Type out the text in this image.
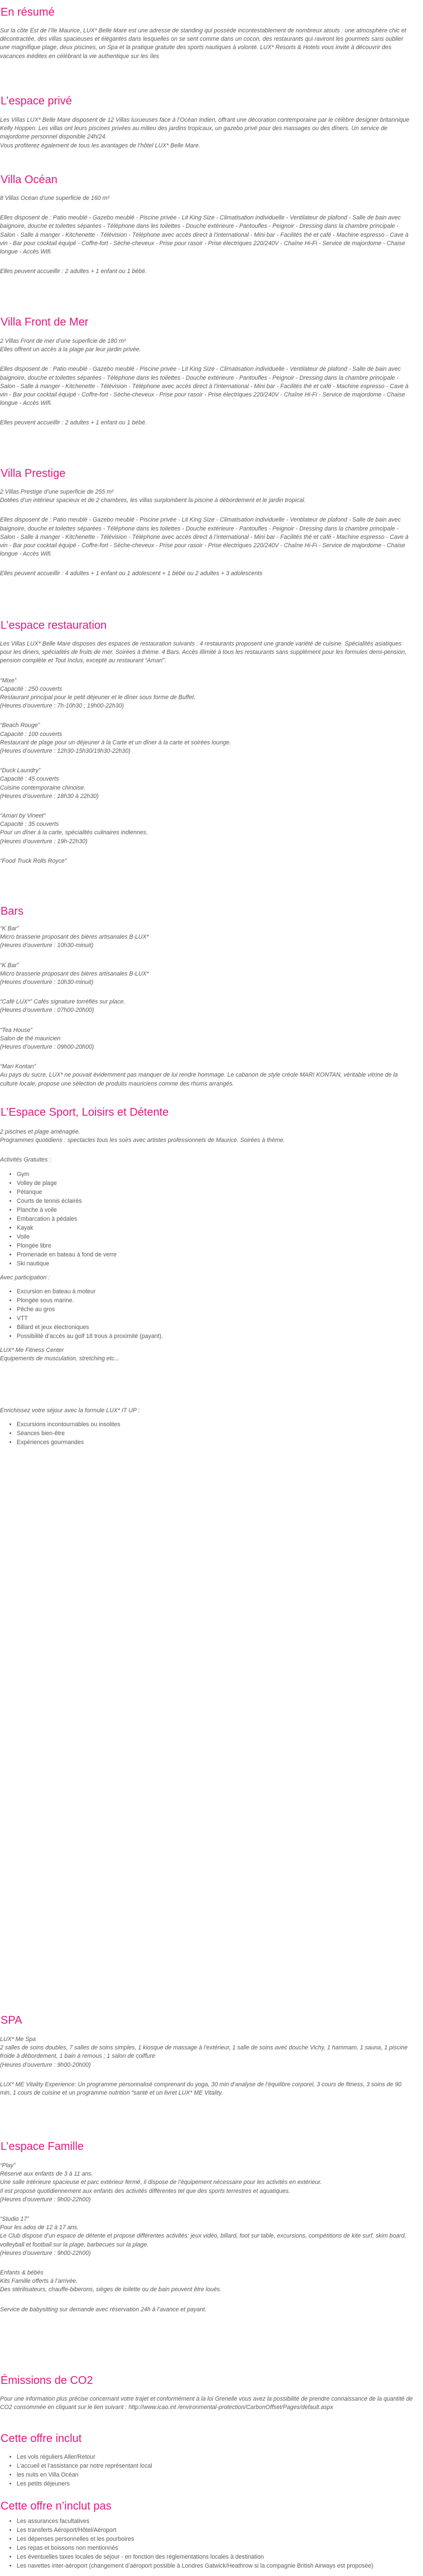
En résumé

Sur la côte Est de l’île Maurice, LUX* Belle Mare est une adresse de standing qui possède incontestablement de nombreux atouts : une atmosphère chic et décontractée, des villas spacieuses et élégantes dans lesquelles on se sent comme dans un cocon, des restaurants qui raviront les gourmets sans oublier une magnifique plage, deux piscines, un Spa et la pratique gratuite des sports nautiques à volonté. LUX* Resorts & Hotels vous invite à découvrir des vacances inédites en célébrant la vie authentique sur les îles

L’espace privé

Les Villas LUX* Belle Mare disposent de 12 Villas luxueuses face à l’Océan Indien, offrant une décoration contemporaine par le célèbre designer britannique Kelly Hoppen. Les villas ont leurs piscines privées au milieu des jardins tropicaux, un gazebo privé pour des massages ou des dîners. Un service de majordome personnel disponible 24h/24.
Vous profiterez également de tous les avantages de l’hôtel LUX* Belle Mare.

Villa Océan

8 Villas Océan d’une superficie de 160 m²

Elles disposent de : Patio meublé - Gazebo meublé - Piscine privée - Lit King Size - Climatisation individuelle - Ventilateur de plafond - Salle de bain avec baignoire, douche et toilettes séparées - Téléphone dans les toilettes - Douche extérieure - Pantoufles - Peignoir - Dressing dans la chambre principale - Salon - Salle à manger - Kitchenette - Télévision - Téléphone avec accès direct à l’international - Mini bar - Facilités thé et café - Machine espresso - Cave à vin - Bar pour cocktail équipé - Coffre-fort - Sèche-cheveux - Prise pour rasoir - Prise électriques 220/240V - Chaîne Hi-Fi - Service de majordome - Chaise longue - Accès Wifi.

Elles peuvent accueillir : 2 adultes + 1 enfant ou 1 bébé.

Villa Front de Mer

2 Villas Front de mer d’une superficie de 180 m²
Elles offrent un accès à la plage par leur jardin privée.

Elles disposent de : Patio meublé - Gazebo meublé - Piscine privée - Lit King Size - Climatisation individuelle - Ventilateur de plafond - Salle de bain avec baignoire, douche et toilettes séparées - Téléphone dans les toilettes - Douche extérieure - Pantoufles - Peignoir - Dressing dans la chambre principale - Salon - Salle à manger - Kitchenette - Télévision - Téléphone avec accès direct à l’international - Mini bar - Facilités thé et café - Machine espresso - Cave à vin - Bar pour cocktail équipé - Coffre-fort - Sèche-cheveux - Prise pour rasoir - Prise électriques 220/240V - Chaîne Hi-Fi - Service de majordome - Chaise longue - Accès Wifi.

Elles peuvent accueillir : 2 adultes + 1 enfant ou 1 bébé.

Villa Prestige

2 Villas Prestige d’une superficie de 255 m²
Dotées d’un intérieur spacieux et de 2 chambres, les villas surplombent la piscine à débordement et le jardin tropical.

Elles disposent de : Patio meublé - Gazebo meublé - Piscine privée - Lit King Size - Climatisation individuelle - Ventilateur de plafond - Salle de bain avec baignoire, douche et toilettes séparées - Téléphone dans les toilettes - Douche extérieure - Pantoufles - Peignoir - Dressing dans la chambre principale - Salon - Salle à manger - Kitchenette - Télévision - Téléphone avec accès direct à l’international - Mini bar - Facilités thé et café - Machine espresso - Cave à vin - Bar pour cocktail équipé - Coffre-fort - Sèche-cheveux - Prise pour rasoir - Prise électriques 220/240V - Chaîne Hi-Fi - Service de majordome - Chaise longue - Accès Wifi.

Elles peuvent accueillir : 4 adultes + 1 enfant ou 1 adolescent + 1 bébé ou 2 adultes + 3 adolescents

L’espace restauration

Les Villas LUX* Belle Mare disposes des espaces de restauration suivants : 4 restaurants proposent une grande variété de cuisine. Spécialités asiatiques pour les diners, spécialités de fruits de mer. Soirées à thème. 4 Bars. Accès illimité à tous les restaurants sans supplément pour les formules demi-pension, pension complète et Tout Inclus, excepté au restaurant “Amari”.

“Mixe”
Capacité : 250 couverts
Restaurant principal pour le petit déjeuner et le dîner sous forme de Buffet.
(Heures d’ouverture : 7h-10h30 ; 19h00-22h30)

“Beach Rouge”
Capacité : 100 couverts
Restaurant de plage pour un déjeuner à la Carte et un dîner à la carte et soirées lounge.
(Heures d’ouverture : 12h30-15h30/19h30-22h30)

“Duck Laundry”
Capacité : 45 couverts
Cuisine contemporaine chinoise.
(Heures d’ouverture : 18h30 à 22h30)

“Amari by Vineet”
Capacité : 35 couverts
Pour un dîner à la carte, spécialités culinaires indiennes.
(Heures d’ouverture : 19h-22h30)

“Food Truck Rolls Royce”

Bars

“K Bar”
Micro brasserie proposant des bières artisanales B-LUX*
(Heures d’ouverture : 10h30-minuit)

“K Bar”
Micro brasserie proposant des bières artisanales B-LUX*
(Heures d’ouverture : 10h30-minuit)

“Café LUX*” Cafés signature torréfiés sur place.
(Heures d’ouverture : 07h00-20h00)

“Tea House”
Salon de thé mauricien
(Heures d’ouverture : 09h00-20h00)

“Mari Kontan”
Au pays du sucre, LUX* ne pouvait évidemment pas manquer de lui rendre hommage. Le cabanon de style créole MARI KONTAN, véritable vitrine de la culture locale, propose une sélection de produits mauriciens comme des rhums arrangés.

L’Espace Sport, Loisirs et Détente

2 piscines et plage aménagée.
Programmes quotidiens : spectacles tous les soirs avec artistes professionnels de Maurice. Soirées à thème.

Activités Gratuites :

• Gym
• Volley de plage
• Pétanque
• Courts de tennis éclairés
• Planche à voile
• Embarcation à pédales
• Kayak
• Voile
• Plongée libre
• Promenade en bateau à fond de verre
• Ski nautique

Avec participation :

• Excursion en bateau à moteur
• Plongée sous marine.
• Pêche au gros
• VTT
• Billard et jeux électroniques
• Possibilité d’accès au golf 18 trous à proximité (payant).

LUX* Me Fitness Center
Equipements de musculation, stretching etc...

Enrichissez votre séjour avec la formule LUX* IT UP :

• Excursions incontournables ou insolites
• Séances bien-être
• Expériences gourmandes
SPA

LUX* Me Spa
2 salles de soins doubles, 7 salles de soins simples, 1 kiosque de massage à l’extérieur, 1 salle de soins avec douche Vichy, 1 hammam, 1 sauna, 1 piscine froide à débordement, 1 bain à remous ; 1 salon de coiffure
(Heures d’ouverture : 9h00-20h00)

LUX* ME Vitality Experience: Un programme personnalisé comprenant du yoga, 30 min d’analyse de l’équilibre corporel, 3 cours de fitness, 3 soins de 90 min, 1 cours de cuisine et un programme nutrition “santé et un livret LUX* ME Vitality.

L’espace Famille

“Play”
Réservé aux enfants de 3 à 11 ans.
Une salle intérieure spacieuse et parc extérieur fermé, il dispose de l’équipement nécessaire pour les activités en extérieur.
Il est proposé quotidiennement aux enfants des activités différentes tel que des sports terrestres et aquatiques.
(Heures d’ouverture : 9h00-22h00)

“Studio 17”
Pour les ados de 12 à 17 ans.
Le Club dispose d’un espace de détente et propose différentes activités: jeux vidéo, billard, foot sur table, excursions, compétitions de kite surf, skim board, volleyball et football sur la plage, barbecues sur la plage.
(Heures d’ouverture : 9h00-22h00)

Enfants & bébés
Kits Famille offerts à l’arrivée.
Des stérilisateurs, chauffe-biberons, sièges de toilette ou de bain peuvent être loués.

Service de babysitting sur demande avec réservation 24h à l’avance et payant.

Émissions de CO2

Pour une information plus précise concernant votre trajet et conformément à la loi Grenelle vous avez la possibilité de prendre connaissance de la quantité de CO2 consommée en cliquant sur le lien suivant : http://www.icao.int /environmental-protection/CarbonOffset/Pages/default.aspx

Cette offre inclut
• Les vols réguliers Aller/Retour
• L’accueil et l’assistance par notre représentant local
• les nuits en Villa Océan
• Les petits déjeuners
Cette offre n’inclut pas
• Les assurances facultatives
• Les transferts Aéroport/Hôtel/Aéroport
• Les dépenses personnelles et les pourboires
• Les repas et boissons non mentionnés
• Les éventuelles taxes locales de séjour - en fonction des réglementations locales à destination
• Les navettes inter-aéroport (changement d’aéroport possible à Londres Gatwick/Heathrow si la compagnie British Airways est proposée)
